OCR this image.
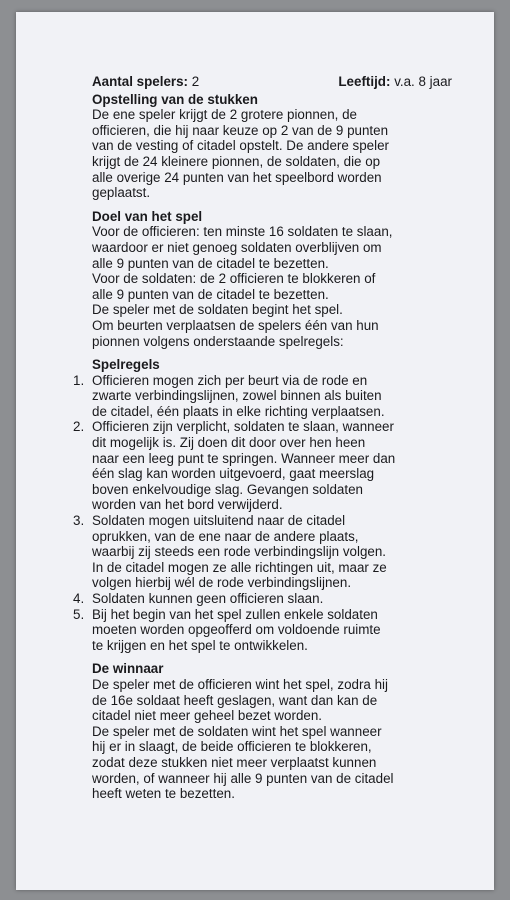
Aantal spelers: 2	Leeftijd: v.a. 8 jaar
Opstelling van de stukken

De ene speler krijgt de 2 grotere pionnen, de

officieren, die hij naar keuze op 2 van de 9 punten

van de vesting of citadel opstelt. De andere speler

krijgt de 24 kleinere pionnen, de soldaten, die op

alle overige 24 punten van het speelbord worden

geplaatst.

Doel van het spel

Voor de officieren: ten minste 16 soldaten te slaan,

waardoor er niet genoeg soldaten overblijven om

alle 9 punten van de citadel te bezetten.

Voor de soldaten: de 2 officieren te blokkeren of

alle 9 punten van de citadel te bezetten.

De speler met de soldaten begint het spel.

Om beurten verplaatsen de spelers één van hun

pionnen volgens onderstaande spelregels:

Spelregels
1. Officieren mogen zich per beurt via de rode en

zwarte verbindingslijnen, zowel binnen als buiten

de citadel, één plaats in elke richting verplaatsen.

2. Officieren zijn verplicht, soldaten te slaan, wanneer

dit mogelijk is. Zij doen dit door over hen heen

naar een leeg punt te springen. Wanneer meer dan

één slag kan worden uitgevoerd, gaat meerslag

boven enkelvoudige slag. Gevangen soldaten

worden van het bord verwijderd.

3. Soldaten mogen uitsluitend naar de citadel

oprukken, van de ene naar de andere plaats,

waarbij zij steeds een rode verbindingslijn volgen.

In de citadel mogen ze alle richtingen uit, maar ze

volgen hierbij wél de rode verbindingslijnen.

4. Soldaten kunnen geen officieren slaan.

5. Bij het begin van het spel zullen enkele soldaten

moeten worden opgeofferd om voldoende ruimte

te krijgen en het spel te ontwikkelen.

De winnaar

De speler met de officieren wint het spel, zodra hij

de 16e soldaat heeft geslagen, want dan kan de

citadel niet meer geheel bezet worden.

De speler met de soldaten wint het spel wanneer

hij er in slaagt, de beide officieren te blokkeren,

zodat deze stukken niet meer verplaatst kunnen

worden, of wanneer hij alle 9 punten van de citadel

heeft weten te bezetten.
